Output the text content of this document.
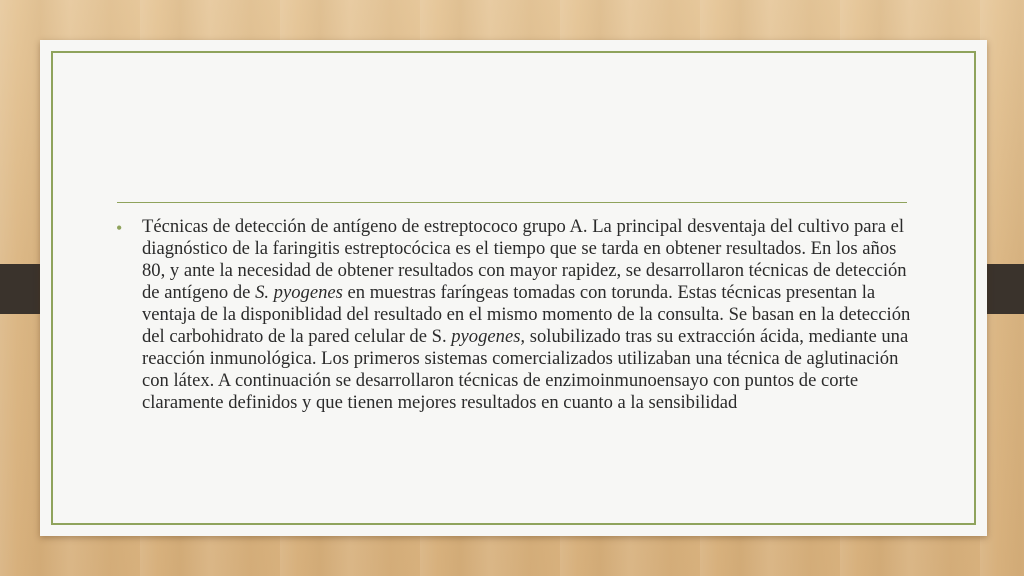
•	Técnicas de detección de antígeno de estreptococo grupo A. La principal desventaja del cultivo para el diagnóstico de la faringitis estreptocócica es el tiempo que se tarda en obtener resultados. En los años 80, y ante la necesidad de obtener resultados con mayor rapidez, se desarrollaron técnicas de detección de antígeno de S. pyogenes en muestras faríngeas tomadas con torunda. Estas técnicas presentan la ventaja de la disponiblidad del resultado en el mismo momento de la consulta. Se basan en la detección del carbohidrato de la pared celular de S. pyogenes, solubilizado tras su extracción ácida, mediante una reacción inmunológica. Los primeros sistemas comercializados utilizaban una técnica de aglutinación con látex. A continuación se desarrollaron técnicas de enzimoinmunoensayo con puntos de corte claramente definidos y que tienen mejores resultados en cuanto a la sensibilidad
